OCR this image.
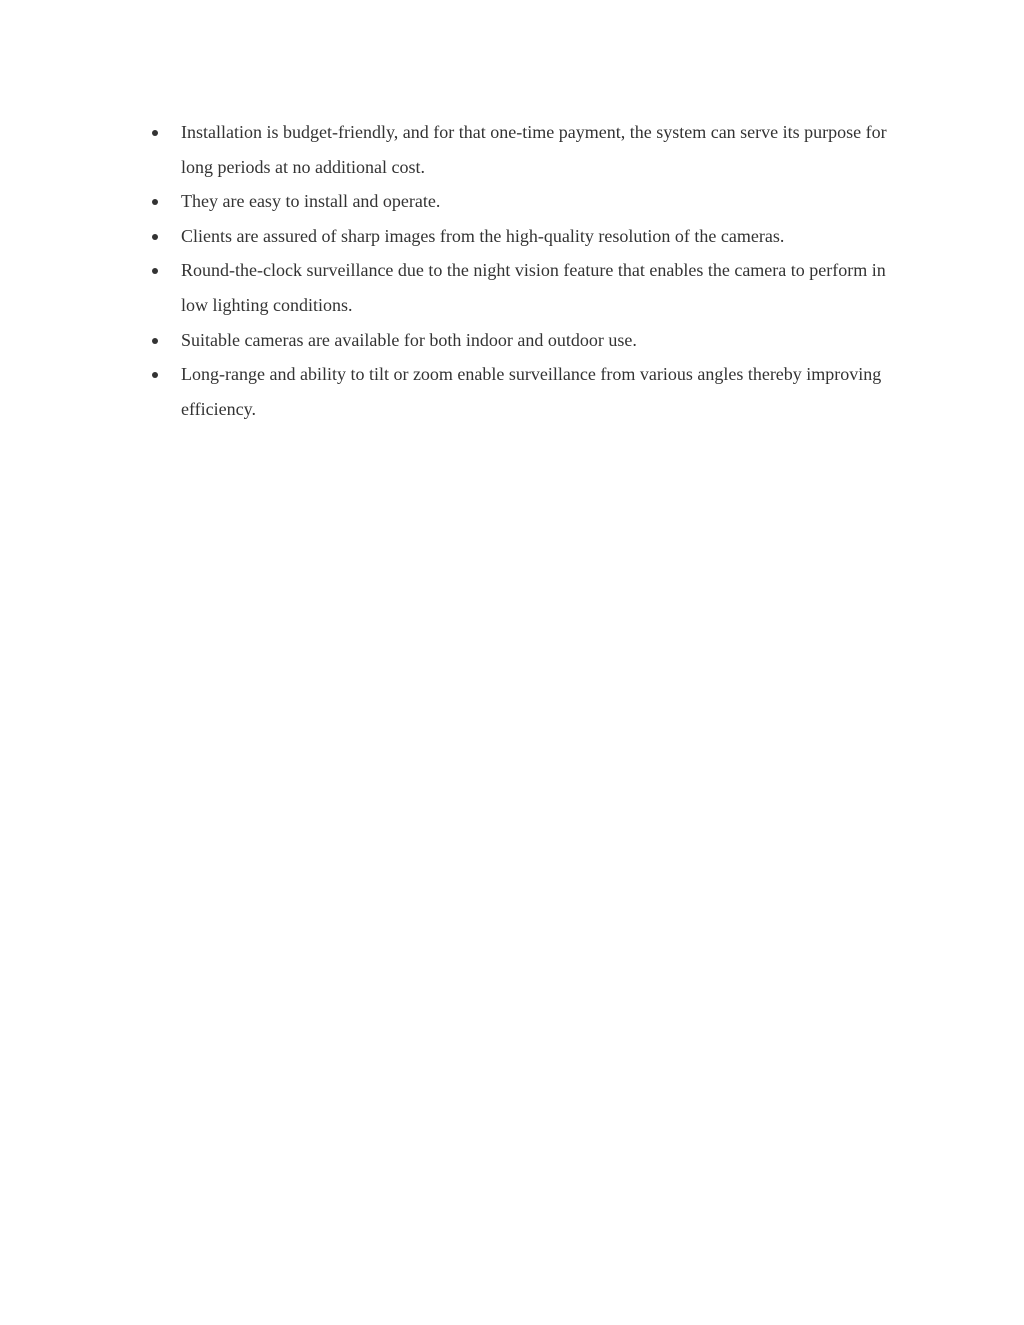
Installation is budget-friendly, and for that one-time payment, the system can serve its purpose for long periods at no additional cost.
They are easy to install and operate.
Clients are assured of sharp images from the high-quality resolution of the cameras.
Round-the-clock surveillance due to the night vision feature that enables the camera to perform in low lighting conditions.
Suitable cameras are available for both indoor and outdoor use.
Long-range and ability to tilt or zoom enable surveillance from various angles thereby improving efficiency.
